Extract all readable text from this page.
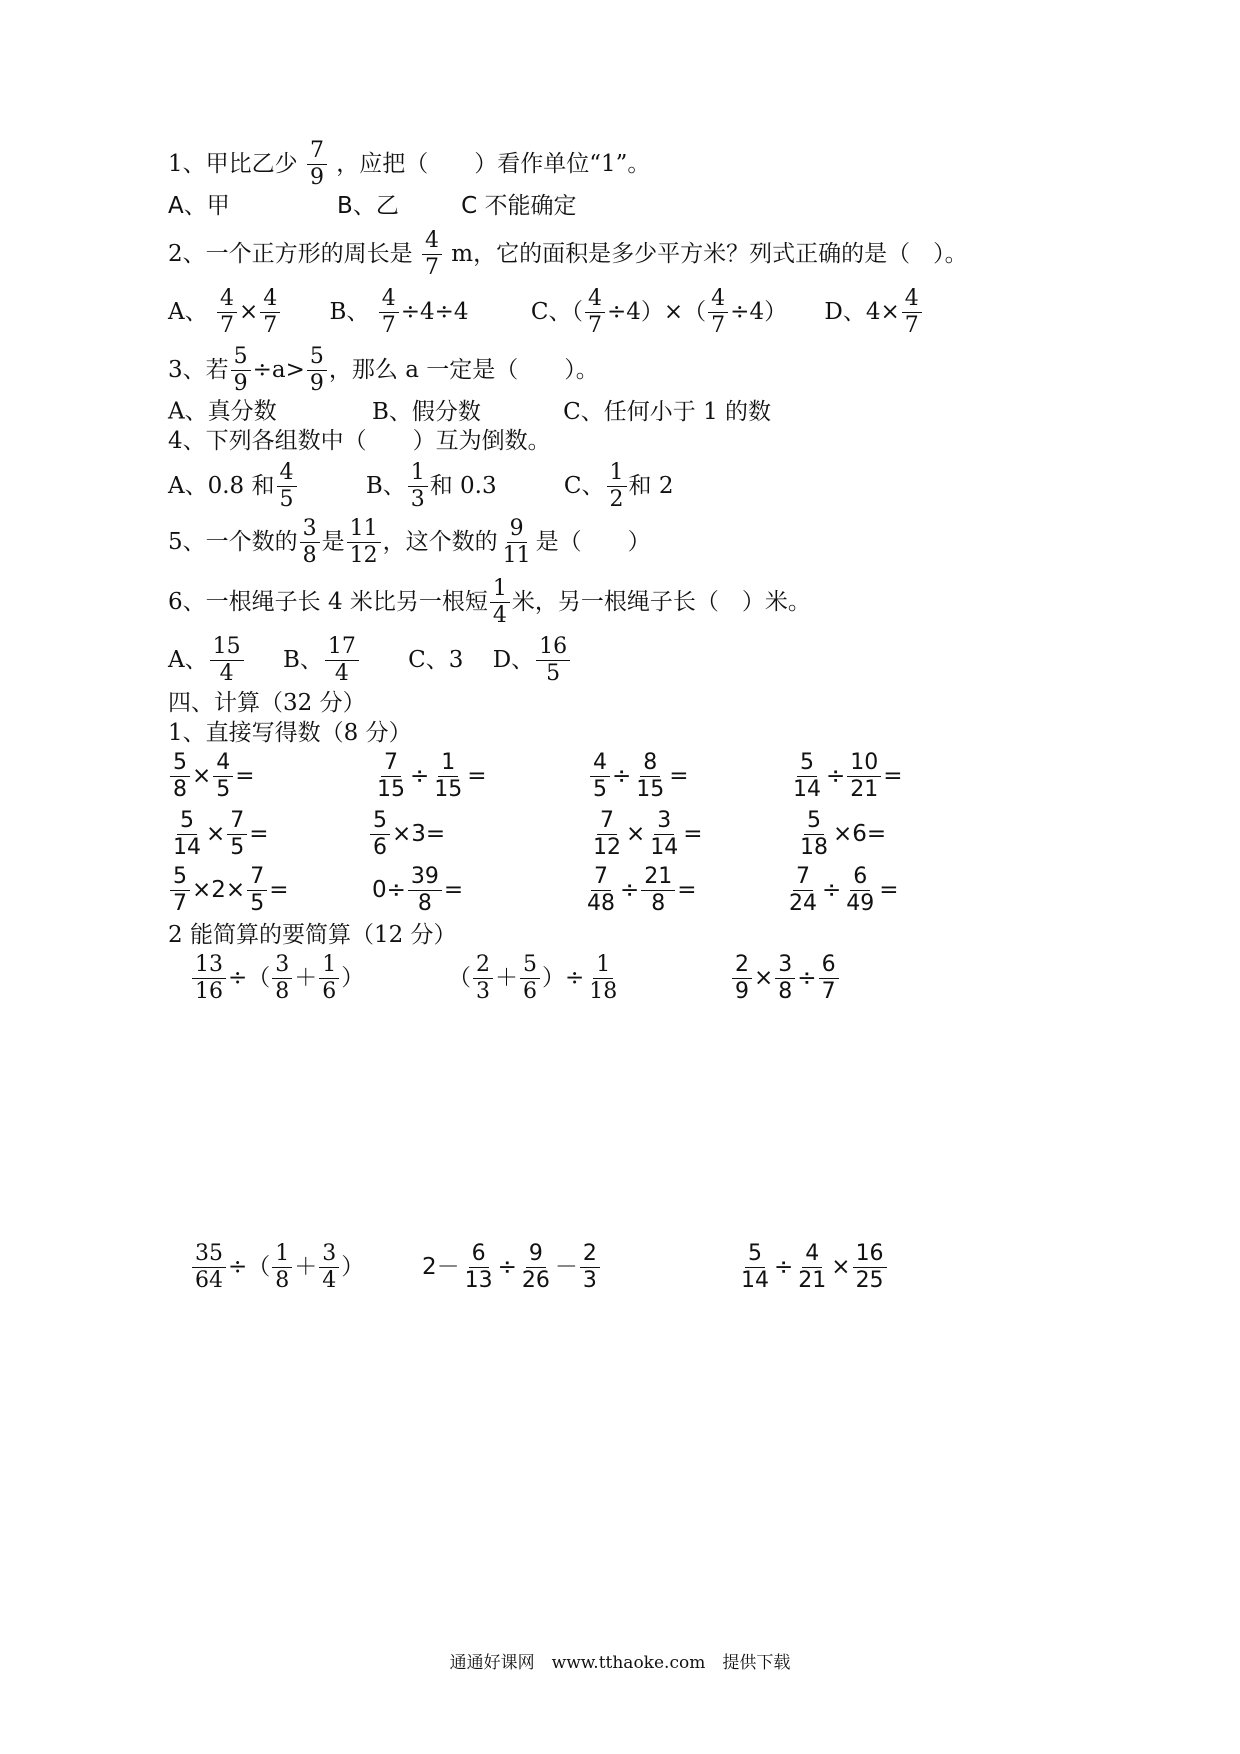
1、甲比乙少 $\frac{7}{9}$ ，应把（　　）看作单位“1”。
A、甲	B、乙	C 不能确定
2、一个正方形的周长是 $\frac{4}{7}$ m，它的面积是多少平方米？列式正确的是（　）。
A、 $\frac{4}{7} \times \frac{4}{7}$ B、 $\frac{4}{7} \div 4\div 4$	C、（ $\frac{4}{7} \div 4)\times( \frac{4}{7} \div 4)$ D、$4\times \frac{4}{7}$
3、若 $\frac{5}{9} \div a> \frac{5}{9}$ ，那么 a 一定是（　　）。
A、真分数	B、假分数	C、任何小于 1 的数
4、下列各组数中（　　）互为倒数。
A、0.8 和 $\frac{4}{5}$	B、 $\frac{1}{3}$ 和 0.3	C、 $\frac{1}{2}$ 和 2
5、一个数的 $\frac{3}{8}$ 是 $\frac{11}{12}$ ，这个数的 $\frac{9}{11}$ 是（　　）
6、一根绳子长 4 米比另一根短 $\frac{1}{4}$ 米，另一根绳子长（　）米。
A、 $\frac{15}{4}$ B、 $\frac{17}{4}$ C、3 D、 $\frac{16}{5}$
四、计算（32 分）
1、直接写得数（8 分）
$\frac{5}{8} \times \frac{4}{5}$ =	$\frac{7}{15} \div \frac{1}{15}$ =	$\frac{4}{5} \div \frac{8}{15}$ =	$\frac{5}{14} \div \frac{10}{21}$ =
$\frac{5}{14} \times \frac{7}{5}$ =	$\frac{5}{6} \times 3=$	$\frac{7}{12} \times \frac{3}{14}$ =	$\frac{5}{18} \times 6=$
$\frac{5}{7} \times 2\times \frac{7}{5}$ =	$0\div \frac{39}{8}$ =	$\frac{7}{48} \div \frac{21}{8}$ =	$\frac{7}{24} \div \frac{6}{49}$ =
2 能简算的要简算（12 分）
$\frac{13}{16}$ ÷（ $\frac{3}{8} + \frac{1}{6}$ ）	（ $\frac{2}{3} + \frac{5}{6}$ ）÷ $\frac{1}{18}$	$\frac{2}{9} \times \frac{3}{8} \div \frac{6}{7}$
$\frac{35}{64}$ ÷（ $\frac{1}{8} + \frac{3}{4}$ ）	$2- \frac{6}{13} \div \frac{9}{26} - \frac{2}{3}$	$\frac{5}{14} \div \frac{4}{21} \times \frac{16}{25}$
通通好课网　www.tthaoke.com　提供下载
